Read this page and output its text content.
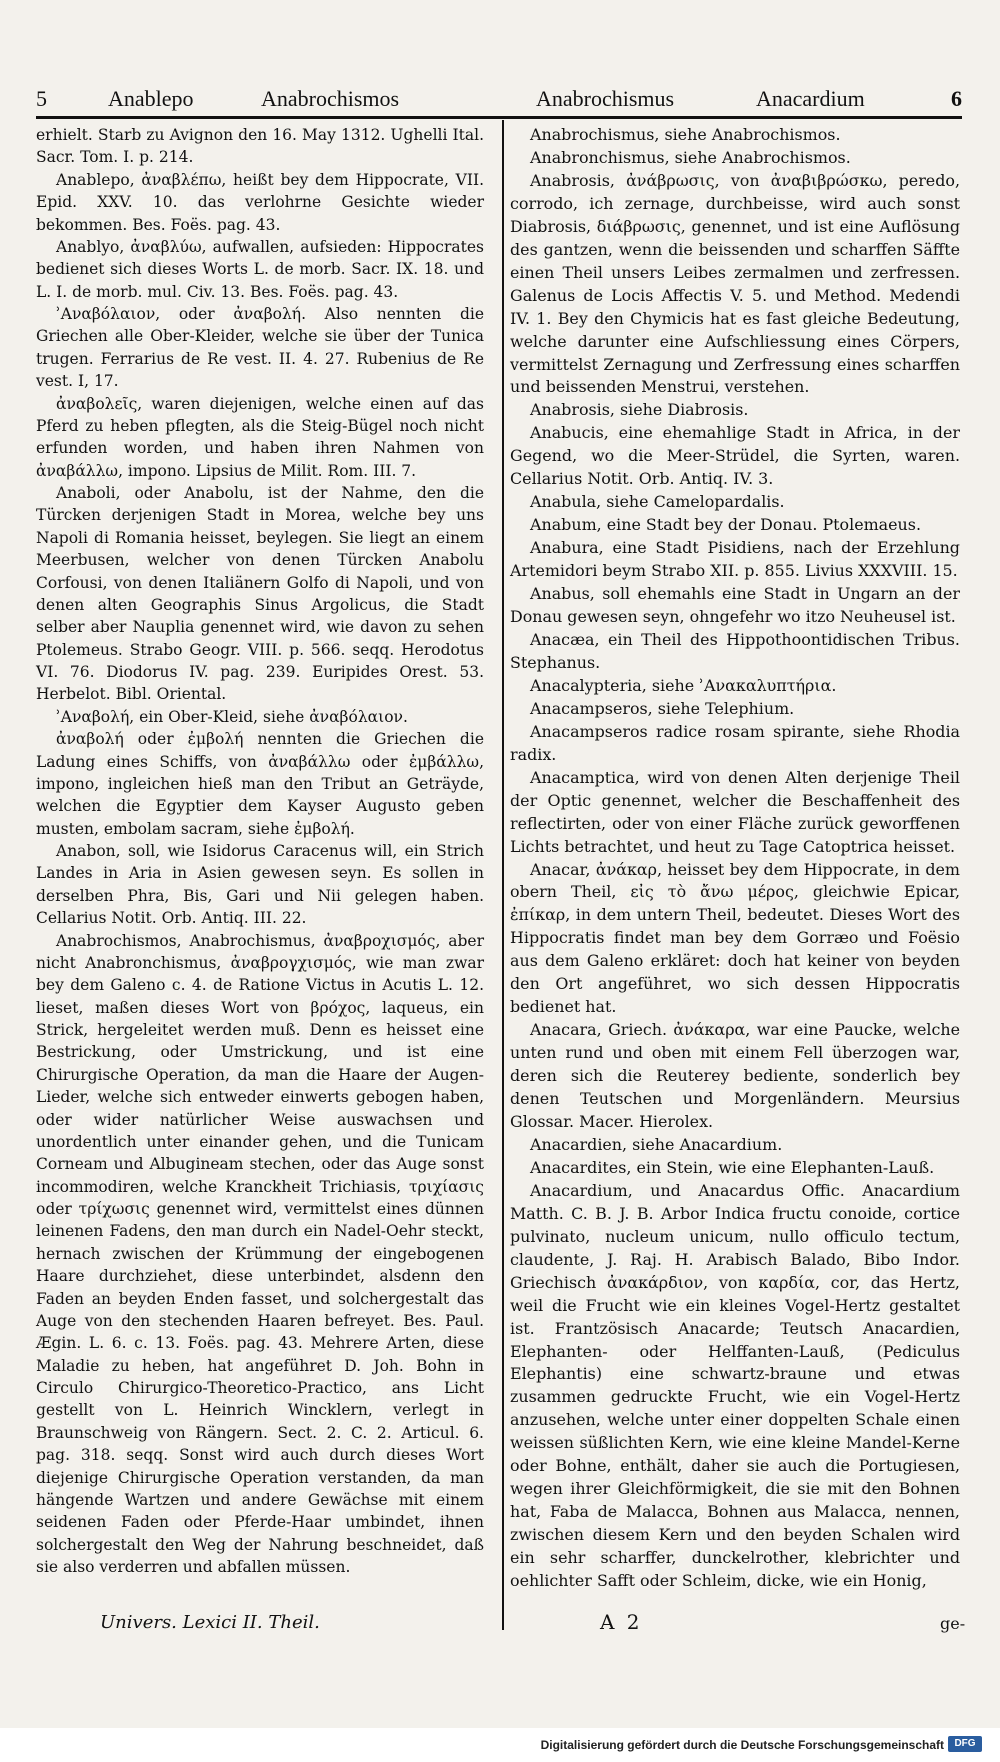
5	Anablepo	Anabrochismos	Anabrochismus	Anacardium	6

erhielt. Starb zu Avignon den 16. May 1312. Ughelli Ital. Sacr. Tom. I. p. 214.

Anablepo, ἀναβλέπω, heißt bey dem Hippocrate, VII. Epid. XXV. 10. das verlohrne Gesichte wieder bekommen. Bes. Foës. pag. 43.

Anablyo, ἀναβλύω, aufwallen, aufsieden: Hippocrates bedienet sich dieses Worts L. de morb. Sacr. IX. 18. und L. I. de morb. mul. Civ. 13. Bes. Foës. pag. 43.

ʾΑναβόλαιον, oder ἀναβολή. Also nennten die Griechen alle Ober-Kleider, welche sie über der Tunica trugen. Ferrarius de Re vest. II. 4. 27. Rubenius de Re vest. I, 17.

ἀναβολεῖς, waren diejenigen, welche einen auf das Pferd zu heben pflegten, als die Steig-Bügel noch nicht erfunden worden, und haben ihren Nahmen von ἀναβάλλω, impono. Lipsius de Milit. Rom. III. 7.

Anaboli, oder Anabolu, ist der Nahme, den die Türcken derjenigen Stadt in Morea, welche bey uns Napoli di Romania heisset, beylegen. Sie liegt an einem Meerbusen, welcher von denen Türcken Anabolu Corfousi, von denen Italiänern Golfo di Napoli, und von denen alten Geographis Sinus Argolicus, die Stadt selber aber Nauplia genennet wird, wie davon zu sehen Ptolemeus. Strabo Geogr. VIII. p. 566. seqq. Herodotus VI. 76. Diodorus IV. pag. 239. Euripides Orest. 53. Herbelot. Bibl. Oriental.

ʾΑναβολή, ein Ober-Kleid, siehe ἀναβόλαιον.

ἀναβολή oder ἐμβολή nennten die Griechen die Ladung eines Schiffs, von ἀναβάλλω oder ἐμβάλλω, impono, ingleichen hieß man den Tribut an Geträyde, welchen die Egyptier dem Kayser Augusto geben musten, embolam sacram, siehe ἐμβολή.

Anabon, soll, wie Isidorus Caracenus will, ein Strich Landes in Aria in Asien gewesen seyn. Es sollen in derselben Phra, Bis, Gari und Nii gelegen haben. Cellarius Notit. Orb. Antiq. III. 22.

Anabrochismos, Anabrochismus, ἀναβροχισμός, aber nicht Anabronchismus, ἀναβρογχισμός, wie man zwar bey dem Galeno c. 4. de Ratione Victus in Acutis L. 12. lieset, maßen dieses Wort von βρόχος, laqueus, ein Strick, hergeleitet werden muß. Denn es heisset eine Bestrickung, oder Umstrickung, und ist eine Chirurgische Operation, da man die Haare der Augen-Lieder, welche sich entweder einwerts gebogen haben, oder wider natürlicher Weise auswachsen und unordentlich unter einander gehen, und die Tunicam Corneam und Albugineam stechen, oder das Auge sonst incommodiren, welche Kranckheit Trichiasis, τριχίασις oder τρίχωσις genennet wird, vermittelst eines dünnen leinenen Fadens, den man durch ein Nadel-Oehr steckt, hernach zwischen der Krümmung der eingebogenen Haare durchziehet, diese unterbindet, alsdenn den Faden an beyden Enden fasset, und solchergestalt das Auge von den stechenden Haaren befreyet. Bes. Paul. Ægin. L. 6. c. 13. Foës. pag. 43. Mehrere Arten, diese Maladie zu heben, hat angeführet D. Joh. Bohn in Circulo Chirurgico-Theoretico-Practico, ans Licht gestellt von L. Heinrich Wincklern, verlegt in Braunschweig von Rängern. Sect. 2. C. 2. Articul. 6. pag. 318. seqq. Sonst wird auch durch dieses Wort diejenige Chirurgische Operation verstanden, da man hängende Wartzen und andere Gewächse mit einem seidenen Faden oder Pferde-Haar umbindet, ihnen solchergestalt den Weg der Nahrung beschneidet, daß sie also verderren und abfallen müssen.

Anabrochismus, siehe Anabrochismos.

Anabronchismus, siehe Anabrochismos.

Anabrosis, ἀνάβρωσις, von ἀναβιβρώσκω, peredo, corrodo, ich zernage, durchbeisse, wird auch sonst Diabrosis, διάβρωσις, genennet, und ist eine Auflösung des gantzen, wenn die beissenden und scharffen Säffte einen Theil unsers Leibes zermalmen und zerfressen. Galenus de Locis Affectis V. 5. und Method. Medendi IV. 1. Bey den Chymicis hat es fast gleiche Bedeutung, welche darunter eine Aufschliessung eines Cörpers, vermittelst Zernagung und Zerfressung eines scharffen und beissenden Menstrui, verstehen.

Anabrosis, siehe Diabrosis.

Anabucis, eine ehemahlige Stadt in Africa, in der Gegend, wo die Meer-Strüdel, die Syrten, waren. Cellarius Notit. Orb. Antiq. IV. 3.

Anabula, siehe Camelopardalis.

Anabum, eine Stadt bey der Donau. Ptolemaeus.

Anabura, eine Stadt Pisidiens, nach der Erzehlung Artemidori beym Strabo XII. p. 855. Livius XXXVIII. 15.

Anabus, soll ehemahls eine Stadt in Ungarn an der Donau gewesen seyn, ohngefehr wo itzo Neuheusel ist.

Anacæa, ein Theil des Hippothoontidischen Tribus. Stephanus.

Anacalypteria, siehe ʾΑνακαλυπτήρια.

Anacampseros, siehe Telephium.

Anacampseros radice rosam spirante, siehe Rhodia radix.

Anacamptica, wird von denen Alten derjenige Theil der Optic genennet, welcher die Beschaffenheit des reflectirten, oder von einer Fläche zurück geworffenen Lichts betrachtet, und heut zu Tage Catoptrica heisset.

Anacar, ἀνάκαρ, heisset bey dem Hippocrate, in dem obern Theil, εἰς τὸ ἄνω μέρος, gleichwie Epicar, ἐπίκαρ, in dem untern Theil, bedeutet. Dieses Wort des Hippocratis findet man bey dem Gorræo und Foësio aus dem Galeno erkläret: doch hat keiner von beyden den Ort angeführet, wo sich dessen Hippocratis bedienet hat.

Anacara, Griech. ἀνάκαρα, war eine Paucke, welche unten rund und oben mit einem Fell überzogen war, deren sich die Reuterey bediente, sonderlich bey denen Teutschen und Morgenländern. Meursius Glossar. Macer. Hierolex.

Anacardien, siehe Anacardium.

Anacardites, ein Stein, wie eine Elephanten-Lauß.

Anacardium, und Anacardus Offic. Anacardium Matth. C. B. J. B. Arbor Indica fructu conoide, cortice pulvinato, nucleum unicum, nullo officulo tectum, claudente, J. Raj. H. Arabisch Balado, Bibo Indor. Griechisch ἀνακάρδιον, von καρδία, cor, das Hertz, weil die Frucht wie ein kleines Vogel-Hertz gestaltet ist. Frantzösisch Anacarde; Teutsch Anacardien, Elephanten- oder Helffanten-Lauß, (Pediculus Elephantis) eine schwartz-braune und etwas zusammen gedruckte Frucht, wie ein Vogel-Hertz anzusehen, welche unter einer doppelten Schale einen weissen süßlichten Kern, wie eine kleine Mandel-Kerne oder Bohne, enthält, daher sie auch die Portugiesen, wegen ihrer Gleichförmigkeit, die sie mit den Bohnen hat, Faba de Malacca, Bohnen aus Malacca, nennen, zwischen diesem Kern und den beyden Schalen wird ein sehr scharffer, dunckelrother, klebrichter und oehlichter Safft oder Schleim, dicke, wie ein Honig,

Univers. Lexici II. Theil.	A 2	ge-
Digitalisierung gefördert durch die Deutsche Forschungsgemeinschaft	DFG
